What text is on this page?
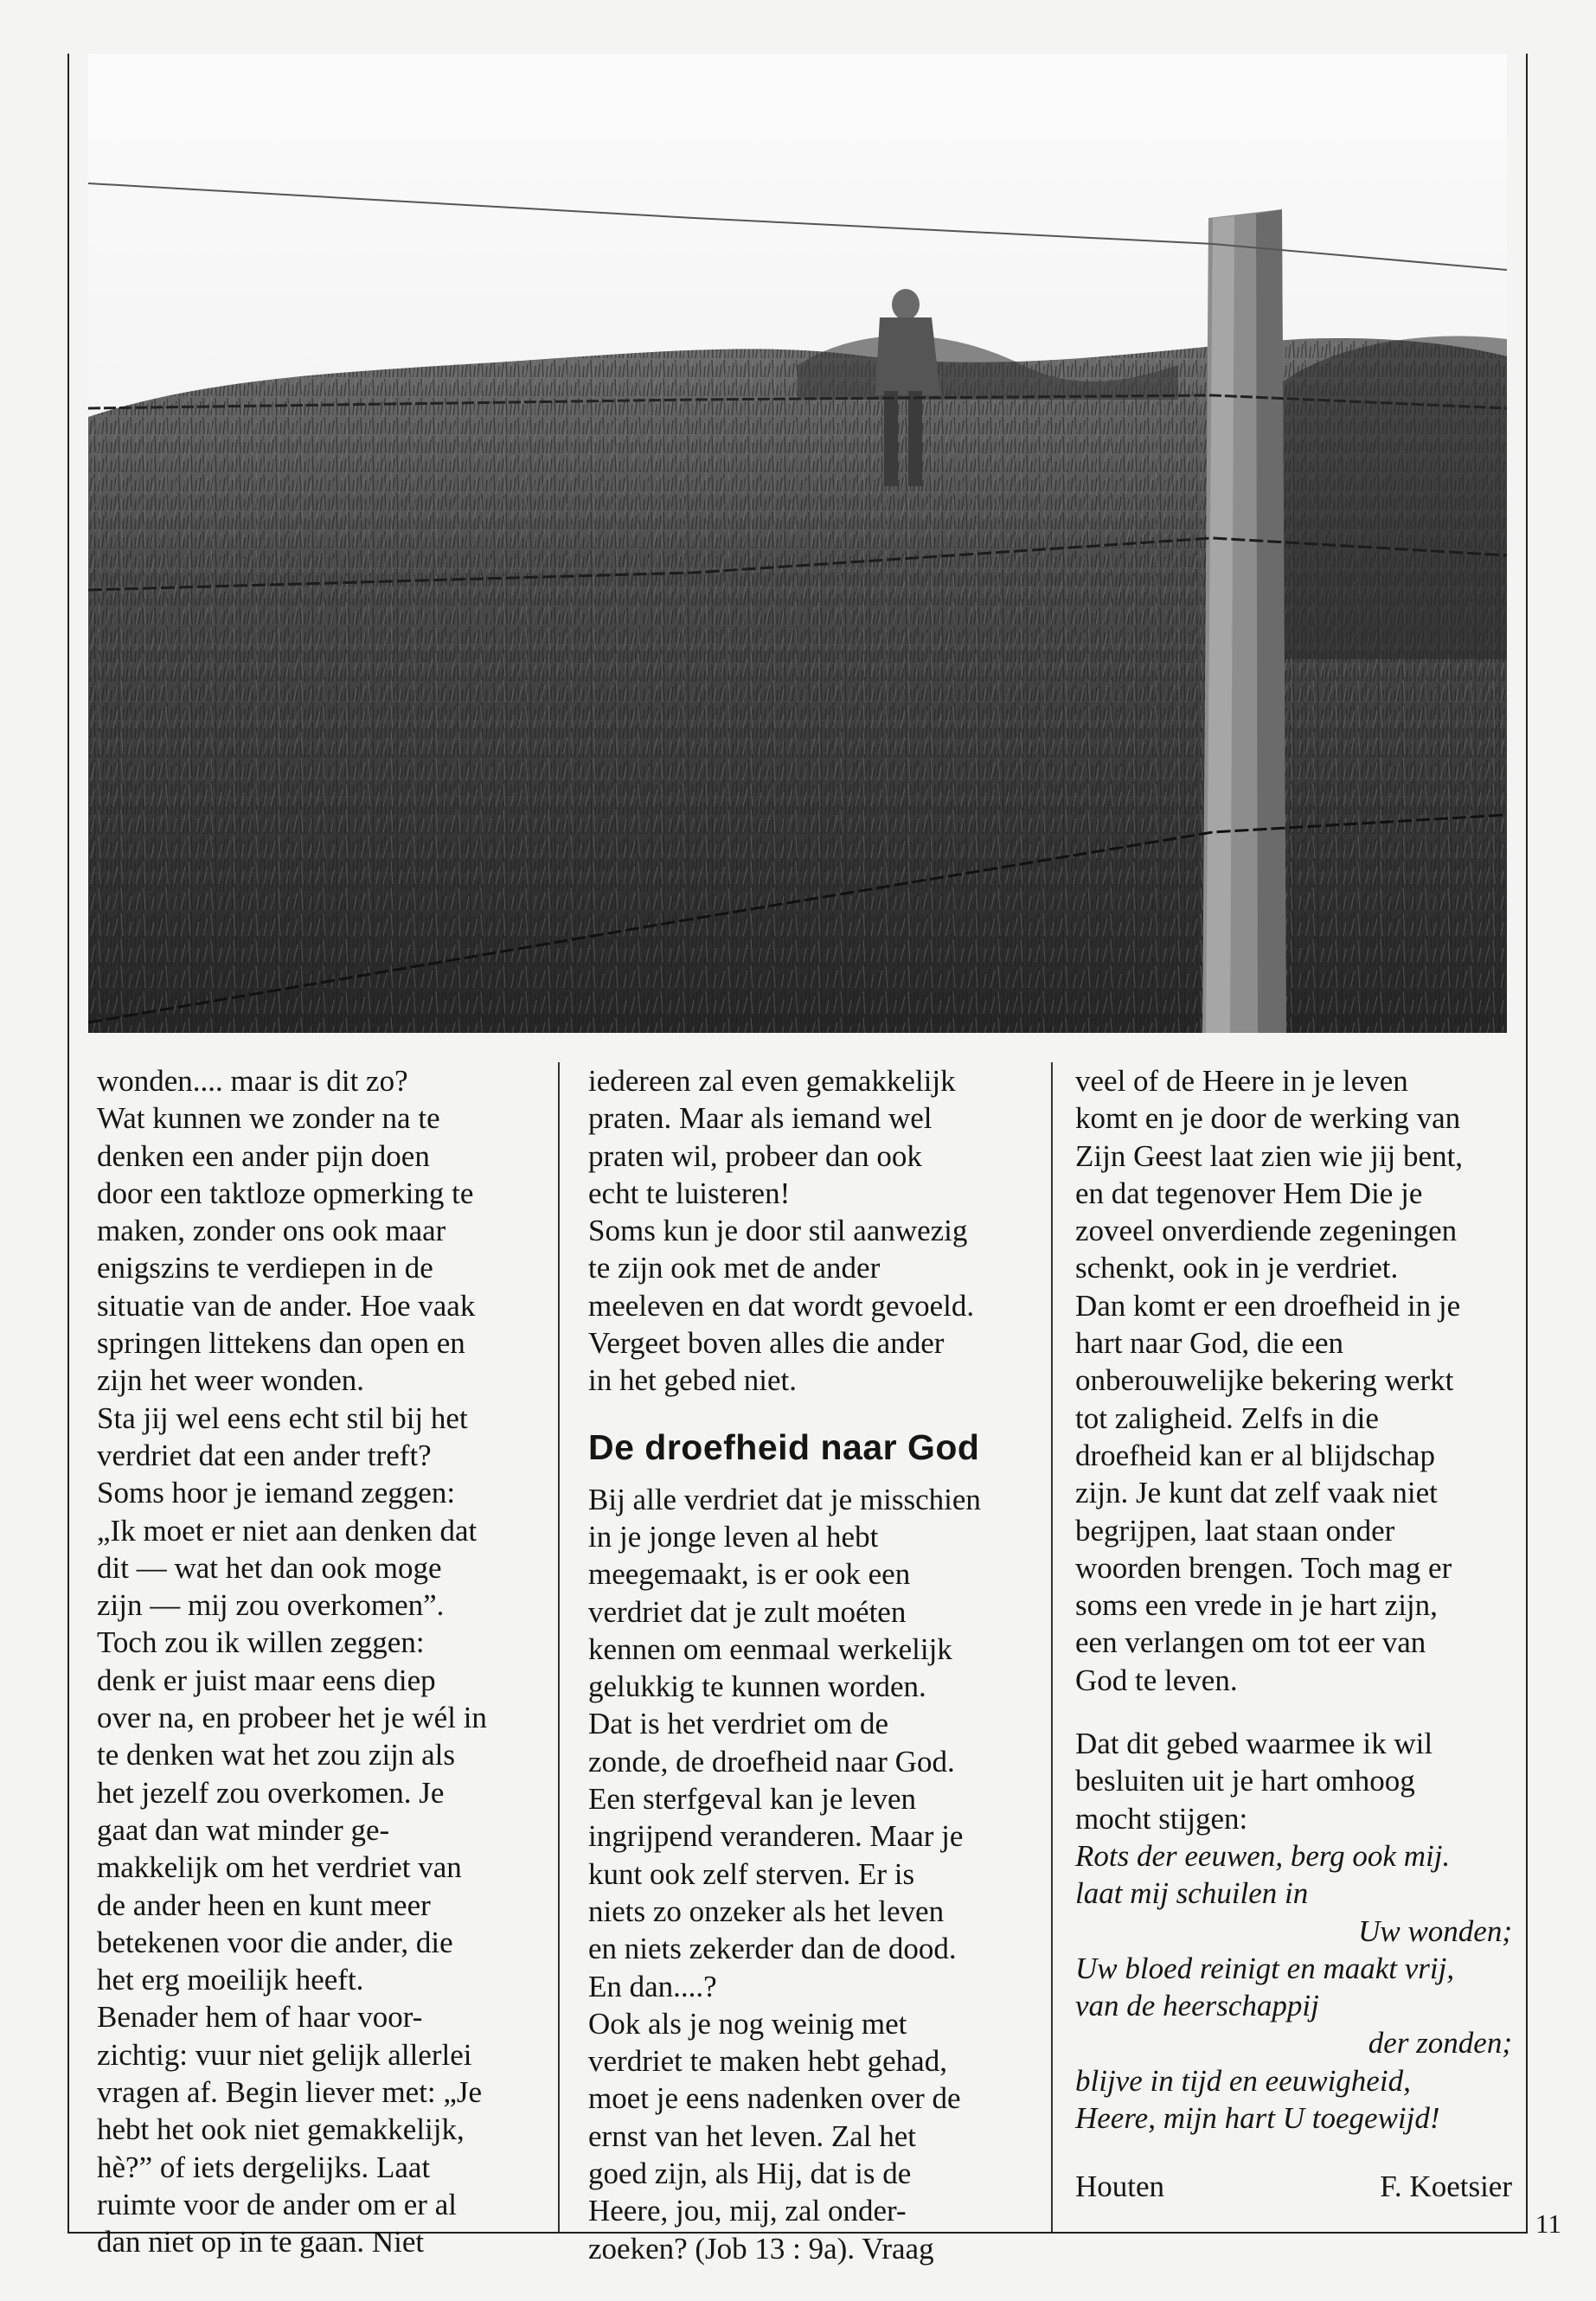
wonden.... maar is dit zo?

Wat kunnen we zonder na te

denken een ander pijn doen

door een taktloze opmerking te

maken, zonder ons ook maar

enigszins te verdiepen in de

situatie van de ander. Hoe vaak

springen littekens dan open en

zijn het weer wonden.

Sta jij wel eens echt stil bij het

verdriet dat een ander treft?

Soms hoor je iemand zeggen:

„Ik moet er niet aan denken dat

dit — wat het dan ook moge

zijn — mij zou overkomen”.

Toch zou ik willen zeggen:

denk er juist maar eens diep

over na, en probeer het je wél in

te denken wat het zou zijn als

het jezelf zou overkomen. Je

gaat dan wat minder ge-

makkelijk om het verdriet van

de ander heen en kunt meer

betekenen voor die ander, die

het erg moeilijk heeft.

Benader hem of haar voor-

zichtig: vuur niet gelijk allerlei

vragen af. Begin liever met: „Je

hebt het ook niet gemakkelijk,

hè?” of iets dergelijks. Laat

ruimte voor de ander om er al

dan niet op in te gaan. Niet

iedereen zal even gemakkelijk

praten. Maar als iemand wel

praten wil, probeer dan ook

echt te luisteren!

Soms kun je door stil aanwezig

te zijn ook met de ander

meeleven en dat wordt gevoeld.

Vergeet boven alles die ander

in het gebed niet.

De droefheid naar God

Bij alle verdriet dat je misschien

in je jonge leven al hebt

meegemaakt, is er ook een

verdriet dat je zult moéten

kennen om eenmaal werkelijk

gelukkig te kunnen worden.

Dat is het verdriet om de

zonde, de droefheid naar God.

Een sterfgeval kan je leven

ingrijpend veranderen. Maar je

kunt ook zelf sterven. Er is

niets zo onzeker als het leven

en niets zekerder dan de dood.

En dan....?

Ook als je nog weinig met

verdriet te maken hebt gehad,

moet je eens nadenken over de

ernst van het leven. Zal het

goed zijn, als Hij, dat is de

Heere, jou, mij, zal onder-

zoeken? (Job 13 : 9a). Vraag

veel of de Heere in je leven

komt en je door de werking van

Zijn Geest laat zien wie jij bent,

en dat tegenover Hem Die je

zoveel onverdiende zegeningen

schenkt, ook in je verdriet.

Dan komt er een droefheid in je

hart naar God, die een

onberouwelijke bekering werkt

tot zaligheid. Zelfs in die

droefheid kan er al blijdschap

zijn. Je kunt dat zelf vaak niet

begrijpen, laat staan onder

woorden brengen. Toch mag er

soms een vrede in je hart zijn,

een verlangen om tot eer van

God te leven.

Dat dit gebed waarmee ik wil

besluiten uit je hart omhoog

mocht stijgen:

Rots der eeuwen, berg ook mij.

laat mij schuilen in

Uw wonden;

Uw bloed reinigt en maakt vrij,

van de heerschappij

der zonden;

blijve in tijd en eeuwigheid,

Heere, mijn hart U toegewijd!

Houten	F. Koetsier
11
